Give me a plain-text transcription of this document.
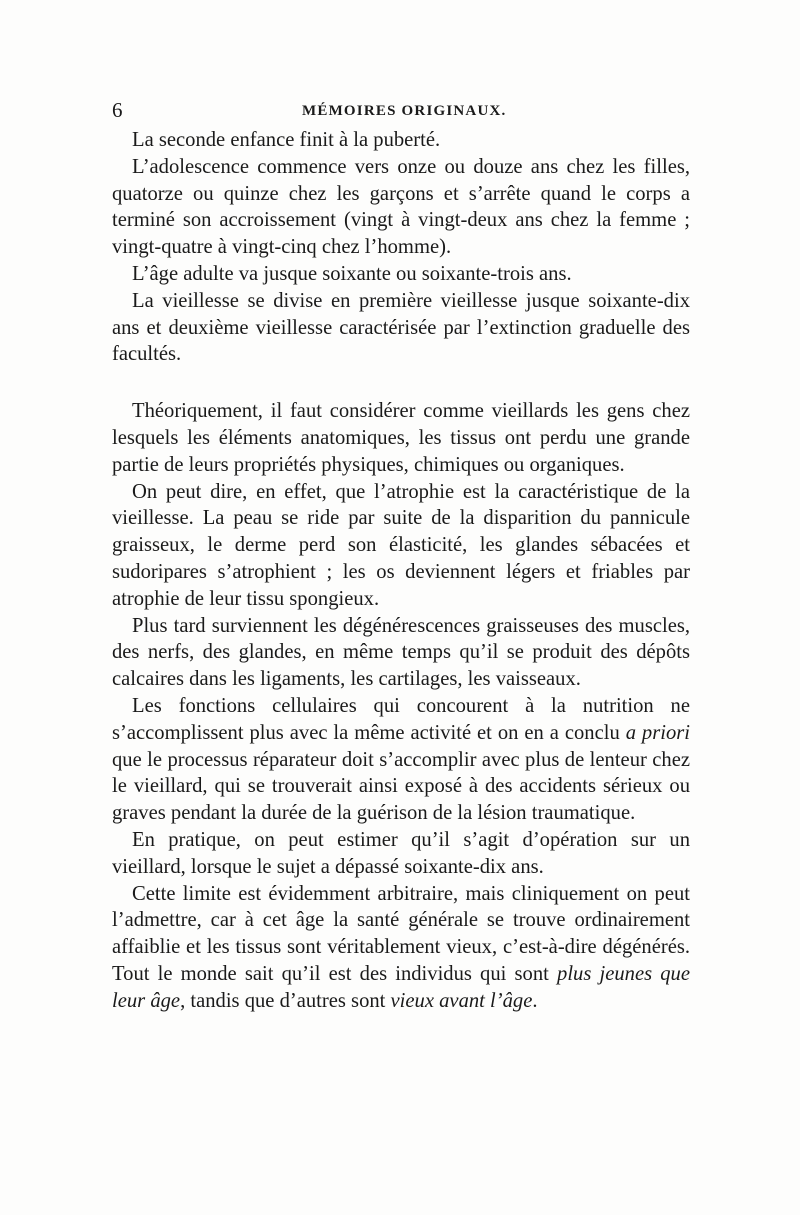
6	MÉMOIRES ORIGINAUX.

La seconde enfance finit à la puberté.

L’adolescence commence vers onze ou douze ans chez les filles, quatorze ou quinze chez les garçons et s’arrête quand le corps a terminé son accroissement (vingt à vingt-deux ans chez la femme ; vingt-quatre à vingt-cinq chez l’homme).

L’âge adulte va jusque soixante ou soixante-trois ans.

La vieillesse se divise en première vieillesse jusque soixante-dix ans et deuxième vieillesse caractérisée par l’extinction graduelle des facultés.

Théoriquement, il faut considérer comme vieillards les gens chez lesquels les éléments anatomiques, les tissus ont perdu une grande partie de leurs propriétés physiques, chimiques ou organiques.

On peut dire, en effet, que l’atrophie est la caractéristique de la vieillesse. La peau se ride par suite de la disparition du pannicule graisseux, le derme perd son élasticité, les glandes sébacées et sudoripares s’atrophient ; les os deviennent légers et friables par atrophie de leur tissu spongieux.

Plus tard surviennent les dégénérescences graisseuses des muscles, des nerfs, des glandes, en même temps qu’il se produit des dépôts calcaires dans les ligaments, les cartilages, les vaisseaux.

Les fonctions cellulaires qui concourent à la nutrition ne s’accomplissent plus avec la même activité et on en a conclu a priori que le processus réparateur doit s’accomplir avec plus de lenteur chez le vieillard, qui se trouverait ainsi exposé à des accidents sérieux ou graves pendant la durée de la guérison de la lésion traumatique.

En pratique, on peut estimer qu’il s’agit d’opération sur un vieillard, lorsque le sujet a dépassé soixante-dix ans.

Cette limite est évidemment arbitraire, mais cliniquement on peut l’admettre, car à cet âge la santé générale se trouve ordinairement affaiblie et les tissus sont véritablement vieux, c’est-à-dire dégénérés. Tout le monde sait qu’il est des individus qui sont plus jeunes que leur âge, tandis que d’autres sont vieux avant l’âge.
